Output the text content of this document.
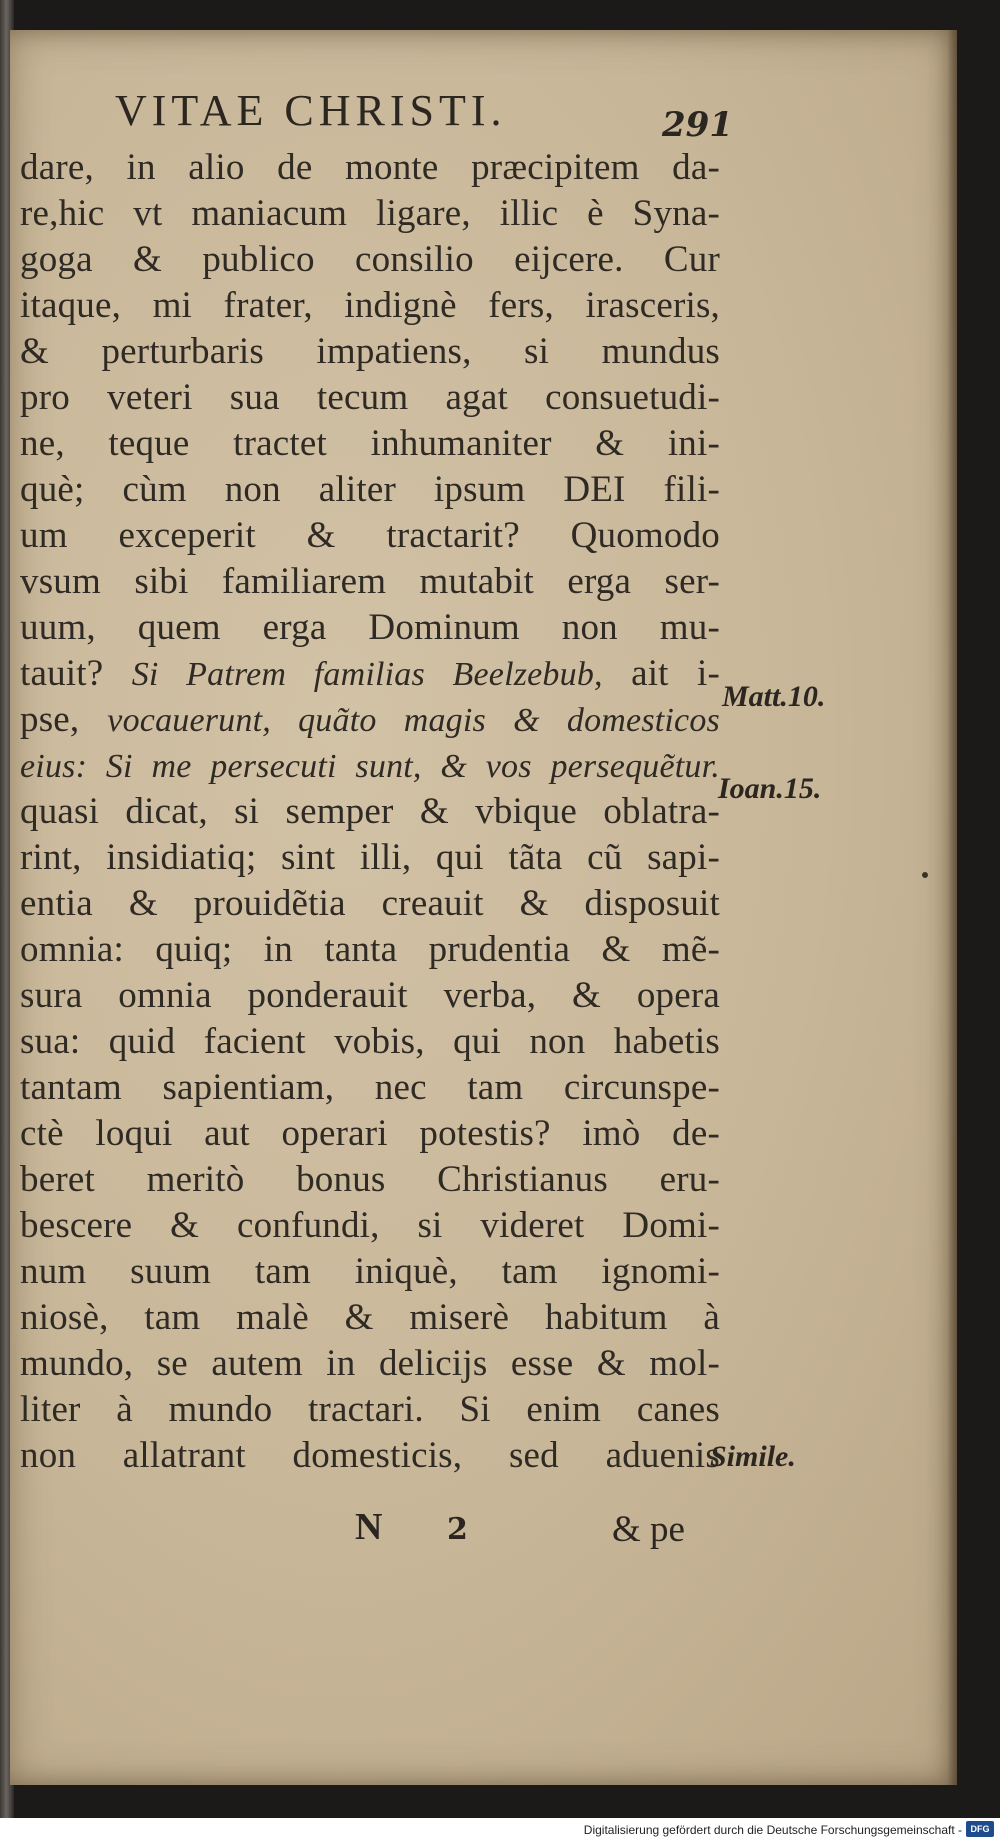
VITAE CHRISTI.	291
dare, in alio de monte præcipitem da-
re,hic vt maniacum ligare, illic è Syna-
goga & publico consilio eijcere. Cur
itaque, mi frater, indignè fers, irasceris,
& perturbaris impatiens, si mundus
pro veteri sua tecum agat consuetudi-
ne, teque tractet inhumaniter & ini-
què; cùm non aliter ipsum DEI fili-
um exceperit & tractarit? Quomodo
vsum sibi familiarem mutabit erga ser-
uum, quem erga Dominum non mu-
tauit? Si Patrem familias Beelzebub, ait i-
pse, vocauerunt, quãto magis & domesticos
eius: Si me persecuti sunt, & vos persequẽtur.
quasi dicat, si semper & vbique oblatra-
rint, insidiatiq; sint illi, qui tãta cũ sapi-
entia & prouidẽtia creauit & disposuit
omnia: quiq; in tanta prudentia & mẽ-
sura omnia ponderauit verba, & opera
sua: quid facient vobis, qui non habetis
tantam sapientiam, nec tam circunspe-
ctè loqui aut operari potestis? imò de-
beret meritò bonus Christianus eru-
bescere & confundi, si videret Domi-
num suum tam iniquè, tam ignomi-
niosè, tam malè & miserè habitum à
mundo, se autem in delicijs esse & mol-
liter à mundo tractari. Si enim canes
non allatrant domesticis, sed aduenis
Matt.10.
Ioan.15.
Simile.
N 2	& pe
Digitalisierung gefördert durch die Deutsche Forschungsgemeinschaft - DFG
